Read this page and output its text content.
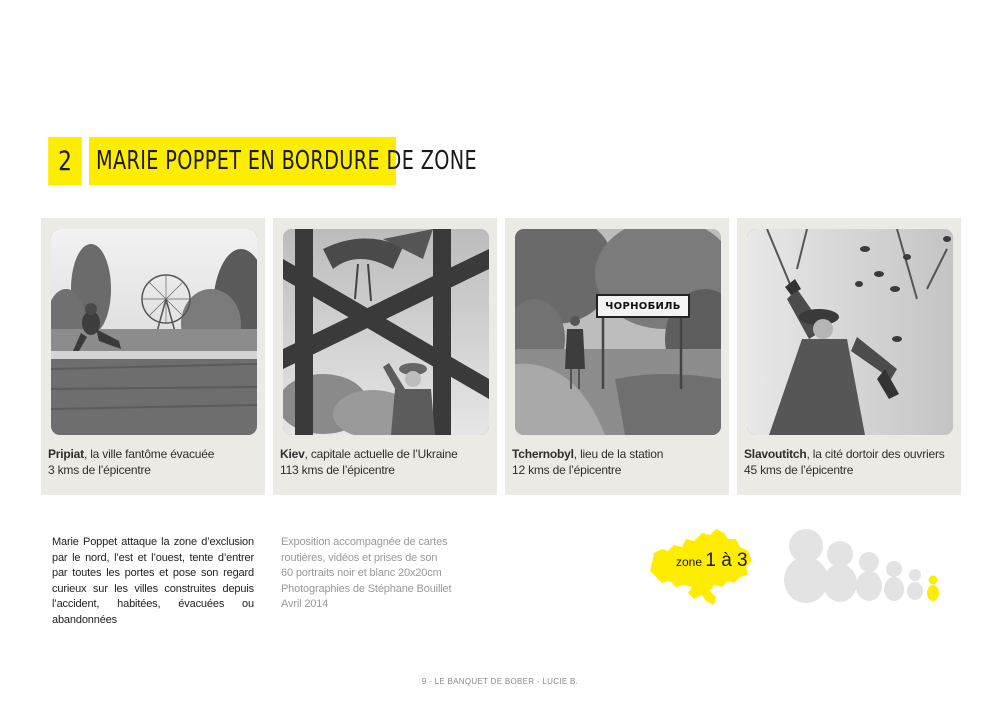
2 MARIE POPPET EN BORDURE DE ZONE
Pripiat, la ville fantôme évacuée
3 kms de l’épicentre
Kiev, capitale actuelle de l’Ukraine
113 kms de l’épicentre
ЧОРНОБИЛЬ
Tchernobyl, lieu de la station
12 kms de l’épicentre
Slavoutitch, la cité dortoir des ouvriers
45 kms de l’épicentre

Marie Poppet attaque la zone d’exclusion par le nord, l’est et l’ouest, tente d’entrer par toutes les portes et pose son regard curieux sur les villes construites depuis l’accident, habitées, évacuées ou abandonnées

Exposition accompagnée de cartes routières, vidéos et prises de son

60 portraits noir et blanc 20x20cm

Photographies de Stéphane Bouillet

Avril 2014

zone 1 à 3
9 - LE BANQUET DE BOBER - LUCIE B.
